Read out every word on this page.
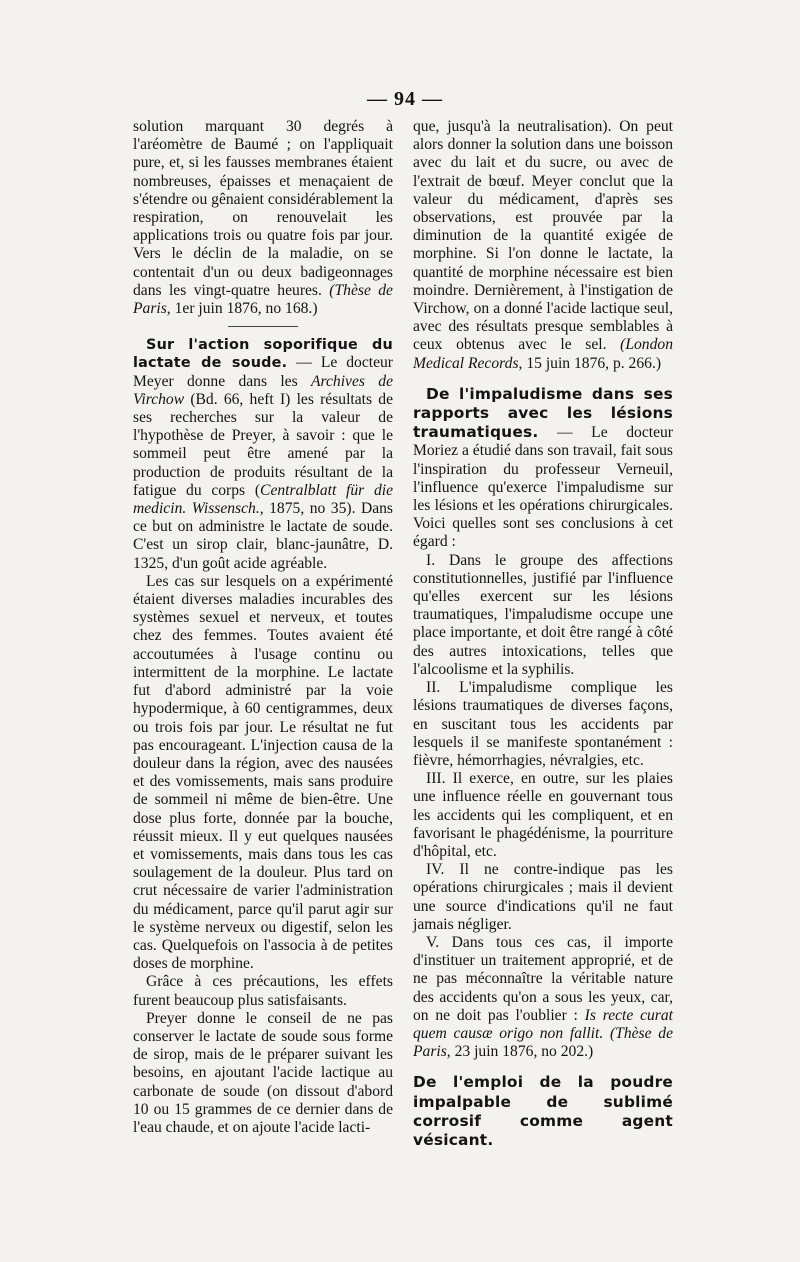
— 94 —

solution marquant 30 degrés à l'aréomètre de Baumé ; on l'appliquait pure, et, si les fausses membranes étaient nombreuses, épaisses et menaçaient de s'étendre ou gênaient considérablement la respiration, on renouvelait les applications trois ou quatre fois par jour. Vers le déclin de la maladie, on se contentait d'un ou deux badigeonnages dans les vingt-quatre heures. (Thèse de Paris, 1er juin 1876, no 168.)

Sur l'action soporifique du lactate de soude. — Le docteur Meyer donne dans les Archives de Virchow (Bd. 66, heft I) les résultats de ses recherches sur la valeur de l'hypothèse de Preyer, à savoir : que le sommeil peut être amené par la production de produits résultant de la fatigue du corps (Centralblatt für die medicin. Wissensch., 1875, no 35). Dans ce but on administre le lactate de soude. C'est un sirop clair, blanc-jaunâtre, D. 1325, d'un goût acide agréable.

Les cas sur lesquels on a expérimenté étaient diverses maladies incurables des systèmes sexuel et nerveux, et toutes chez des femmes. Toutes avaient été accoutumées à l'usage continu ou intermittent de la morphine. Le lactate fut d'abord administré par la voie hypodermique, à 60 centigrammes, deux ou trois fois par jour. Le résultat ne fut pas encourageant. L'injection causa de la douleur dans la région, avec des nausées et des vomissements, mais sans produire de sommeil ni même de bien-être. Une dose plus forte, donnée par la bouche, réussit mieux. Il y eut quelques nausées et vomissements, mais dans tous les cas soulagement de la douleur. Plus tard on crut nécessaire de varier l'administration du médicament, parce qu'il parut agir sur le système nerveux ou digestif, selon les cas. Quelquefois on l'associa à de petites doses de morphine.

Grâce à ces précautions, les effets furent beaucoup plus satisfaisants.

Preyer donne le conseil de ne pas conserver le lactate de soude sous forme de sirop, mais de le préparer suivant les besoins, en ajoutant l'acide lactique au carbonate de soude (on dissout d'abord 10 ou 15 grammes de ce dernier dans de l'eau chaude, et on ajoute l'acide lacti-

que, jusqu'à la neutralisation). On peut alors donner la solution dans une boisson avec du lait et du sucre, ou avec de l'extrait de bœuf. Meyer conclut que la valeur du médicament, d'après ses observations, est prouvée par la diminution de la quantité exigée de morphine. Si l'on donne le lactate, la quantité de morphine nécessaire est bien moindre. Dernièrement, à l'instigation de Virchow, on a donné l'acide lactique seul, avec des résultats presque semblables à ceux obtenus avec le sel. (London Medical Records, 15 juin 1876, p. 266.)

De l'impaludisme dans ses rapports avec les lésions traumatiques. — Le docteur Moriez a étudié dans son travail, fait sous l'inspiration du professeur Verneuil, l'influence qu'exerce l'impaludisme sur les lésions et les opérations chirurgicales. Voici quelles sont ses conclusions à cet égard :

I. Dans le groupe des affections constitutionnelles, justifié par l'influence qu'elles exercent sur les lésions traumatiques, l'impaludisme occupe une place importante, et doit être rangé à côté des autres intoxications, telles que l'alcoolisme et la syphilis.

II. L'impaludisme complique les lésions traumatiques de diverses façons, en suscitant tous les accidents par lesquels il se manifeste spontanément : fièvre, hémorrhagies, névralgies, etc.

III. Il exerce, en outre, sur les plaies une influence réelle en gouvernant tous les accidents qui les compliquent, et en favorisant le phagédénisme, la pourriture d'hôpital, etc.

IV. Il ne contre-indique pas les opérations chirurgicales ; mais il devient une source d'indications qu'il ne faut jamais négliger.

V. Dans tous ces cas, il importe d'instituer un traitement approprié, et de ne pas méconnaître la véritable nature des accidents qu'on a sous les yeux, car, on ne doit pas l'oublier : Is recte curat quem causæ origo non fallit. (Thèse de Paris, 23 juin 1876, no 202.)

De l'emploi de la poudre impalpable de sublimé corrosif comme agent vésicant.
